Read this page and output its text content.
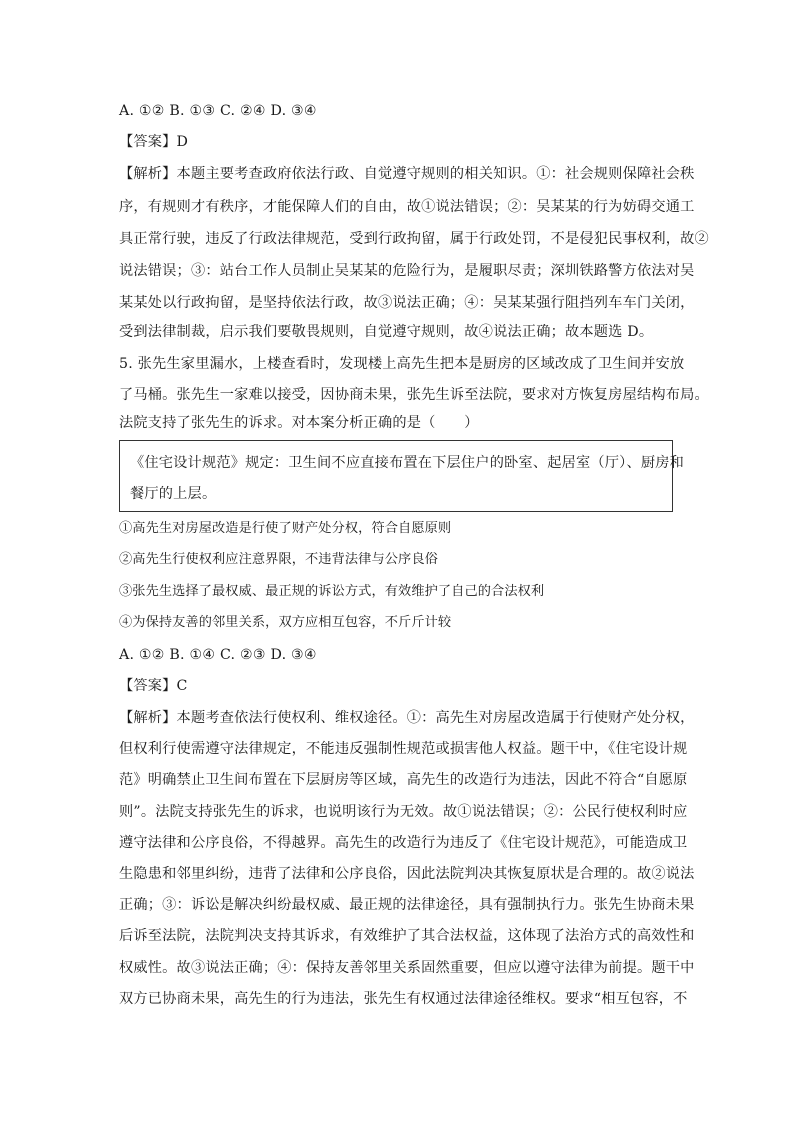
A. ①② B. ①③ C. ②④ D. ③④
【答案】D
【解析】本题主要考查政府依法行政、自觉遵守规则的相关知识。①：社会规则保障社会秩
序，有规则才有秩序，才能保障人们的自由，故①说法错误；②：吴某某的行为妨碍交通工
具正常行驶，违反了行政法律规范，受到行政拘留，属于行政处罚，不是侵犯民事权利，故②
说法错误；③：站台工作人员制止吴某某的危险行为，是履职尽责；深圳铁路警方依法对吴
某某处以行政拘留，是坚持依法行政，故③说法正确；④：吴某某强行阻挡列车车门关闭，
受到法律制裁，启示我们要敬畏规则，自觉遵守规则，故④说法正确；故本题选 D。
5. 张先生家里漏水，上楼查看时，发现楼上高先生把本是厨房的区域改成了卫生间并安放
了马桶。张先生一家难以接受，因协商未果，张先生诉至法院，要求对方恢复房屋结构布局。
法院支持了张先生的诉求。对本案分析正确的是（　　）
《住宅设计规范》规定：卫生间不应直接布置在下层住户的卧室、起居室（厅）、厨房和
餐厅的上层。
①高先生对房屋改造是行使了财产处分权，符合自愿原则
②高先生行使权利应注意界限，不违背法律与公序良俗
③张先生选择了最权威、最正规的诉讼方式，有效维护了自己的合法权利
④为保持友善的邻里关系，双方应相互包容，不斤斤计较
A. ①② B. ①④ C. ②③ D. ③④
【答案】C
【解析】本题考查依法行使权利、维权途径。①：高先生对房屋改造属于行使财产处分权，
但权利行使需遵守法律规定，不能违反强制性规范或损害他人权益。题干中，《住宅设计规
范》明确禁止卫生间布置在下层厨房等区域，高先生的改造行为违法，因此不符合“自愿原
则”。法院支持张先生的诉求，也说明该行为无效。故①说法错误；②：公民行使权利时应
遵守法律和公序良俗，不得越界。高先生的改造行为违反了《住宅设计规范》，可能造成卫
生隐患和邻里纠纷，违背了法律和公序良俗，因此法院判决其恢复原状是合理的。故②说法
正确；③：诉讼是解决纠纷最权威、最正规的法律途径，具有强制执行力。张先生协商未果
后诉至法院，法院判决支持其诉求，有效维护了其合法权益，这体现了法治方式的高效性和
权威性。故③说法正确；④：保持友善邻里关系固然重要，但应以遵守法律为前提。题干中
双方已协商未果，高先生的行为违法，张先生有权通过法律途径维权。要求“相互包容，不
